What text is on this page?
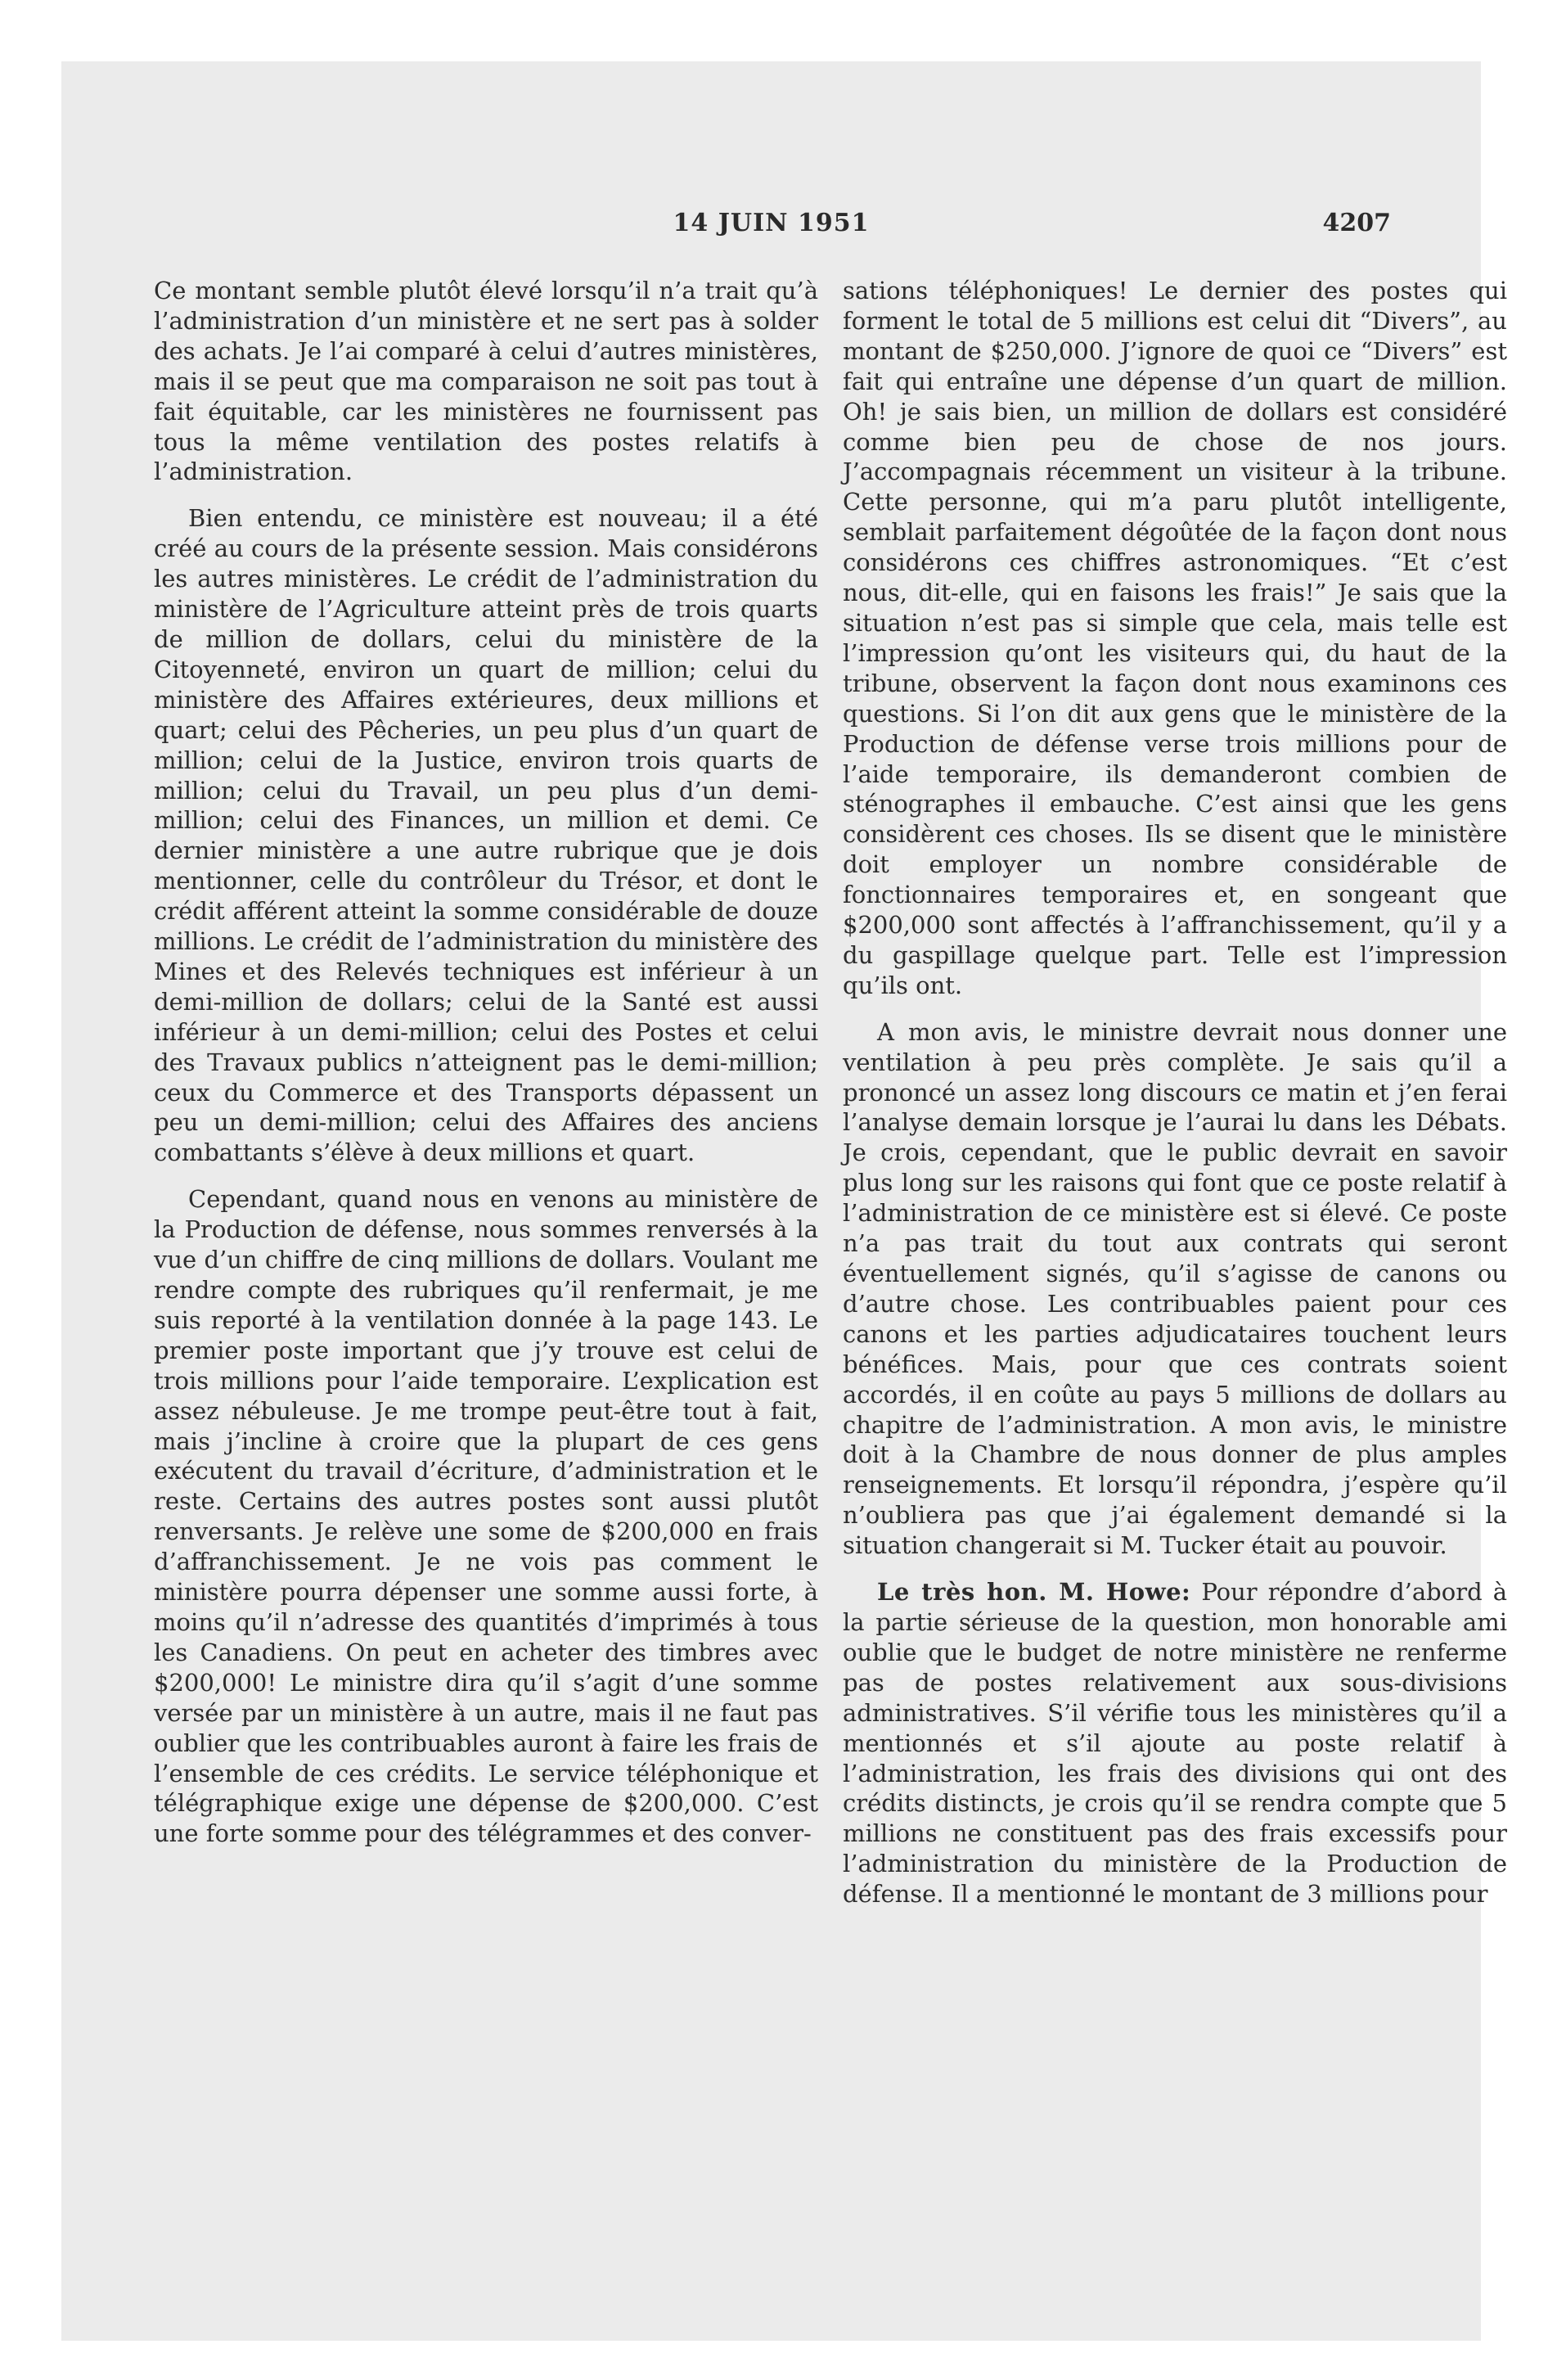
14 JUIN 1951	4207

Ce montant semble plutôt élevé lorsqu’il n’a trait qu’à l’administration d’un ministère et ne sert pas à solder des achats. Je l’ai comparé à celui d’autres ministères, mais il se peut que ma comparaison ne soit pas tout à fait équitable, car les ministères ne fournissent pas tous la même ventilation des postes relatifs à l’administration.

Bien entendu, ce ministère est nouveau; il a été créé au cours de la présente session. Mais considérons les autres ministères. Le crédit de l’administration du ministère de l’Agriculture atteint près de trois quarts de million de dollars, celui du ministère de la Citoyenneté, environ un quart de million; celui du ministère des Affaires extérieures, deux millions et quart; celui des Pêcheries, un peu plus d’un quart de million; celui de la Justice, environ trois quarts de million; celui du Travail, un peu plus d’un demi-million; celui des Finances, un million et demi. Ce dernier ministère a une autre rubrique que je dois mentionner, celle du contrôleur du Trésor, et dont le crédit afférent atteint la somme considérable de douze millions. Le crédit de l’administration du ministère des Mines et des Relevés techniques est inférieur à un demi-million de dollars; celui de la Santé est aussi inférieur à un demi-million; celui des Postes et celui des Travaux publics n’atteignent pas le demi-million; ceux du Commerce et des Transports dépassent un peu un demi-million; celui des Affaires des anciens combattants s’élève à deux millions et quart.

Cependant, quand nous en venons au ministère de la Production de défense, nous sommes renversés à la vue d’un chiffre de cinq millions de dollars. Voulant me rendre compte des rubriques qu’il renfermait, je me suis reporté à la ventilation donnée à la page 143. Le premier poste important que j’y trouve est celui de trois millions pour l’aide temporaire. L’explication est assez nébuleuse. Je me trompe peut-être tout à fait, mais j’incline à croire que la plupart de ces gens exécutent du travail d’écriture, d’administration et le reste. Certains des autres postes sont aussi plutôt renversants. Je relève une some de $200,000 en frais d’affranchissement. Je ne vois pas comment le ministère pourra dépenser une somme aussi forte, à moins qu’il n’adresse des quantités d’imprimés à tous les Canadiens. On peut en acheter des timbres avec $200,000! Le ministre dira qu’il s’agit d’une somme versée par un ministère à un autre, mais il ne faut pas oublier que les contribuables auront à faire les frais de l’ensemble de ces crédits. Le service téléphonique et télégraphique exige une dépense de $200,000. C’est une forte somme pour des télégrammes et des conver-

sations téléphoniques! Le dernier des postes qui forment le total de 5 millions est celui dit “Divers”, au montant de $250,000. J’ignore de quoi ce “Divers” est fait qui entraîne une dépense d’un quart de million. Oh! je sais bien, un million de dollars est considéré comme bien peu de chose de nos jours. J’accompagnais récemment un visiteur à la tribune. Cette personne, qui m’a paru plutôt intelligente, semblait parfaitement dégoûtée de la façon dont nous considérons ces chiffres astronomiques. “Et c’est nous, dit-elle, qui en faisons les frais!” Je sais que la situation n’est pas si simple que cela, mais telle est l’impression qu’ont les visiteurs qui, du haut de la tribune, observent la façon dont nous examinons ces questions. Si l’on dit aux gens que le ministère de la Production de défense verse trois millions pour de l’aide temporaire, ils demanderont combien de sténographes il embauche. C’est ainsi que les gens considèrent ces choses. Ils se disent que le ministère doit employer un nombre considérable de fonctionnaires temporaires et, en songeant que $200,000 sont affectés à l’affranchissement, qu’il y a du gaspillage quelque part. Telle est l’impression qu’ils ont.

A mon avis, le ministre devrait nous donner une ventilation à peu près complète. Je sais qu’il a prononcé un assez long discours ce matin et j’en ferai l’analyse demain lorsque je l’aurai lu dans les Débats. Je crois, cependant, que le public devrait en savoir plus long sur les raisons qui font que ce poste relatif à l’administration de ce ministère est si élevé. Ce poste n’a pas trait du tout aux contrats qui seront éventuellement signés, qu’il s’agisse de canons ou d’autre chose. Les contribuables paient pour ces canons et les parties adjudicataires touchent leurs bénéfices. Mais, pour que ces contrats soient accordés, il en coûte au pays 5 millions de dollars au chapitre de l’administration. A mon avis, le ministre doit à la Chambre de nous donner de plus amples renseignements. Et lorsqu’il répondra, j’espère qu’il n’oubliera pas que j’ai également demandé si la situation changerait si M. Tucker était au pouvoir.

Le très hon. M. Howe: Pour répondre d’abord à la partie sérieuse de la question, mon honorable ami oublie que le budget de notre ministère ne renferme pas de postes relativement aux sous-divisions administratives. S’il vérifie tous les ministères qu’il a mentionnés et s’il ajoute au poste relatif à l’administration, les frais des divisions qui ont des crédits distincts, je crois qu’il se rendra compte que 5 millions ne constituent pas des frais excessifs pour l’administration du ministère de la Production de défense. Il a mentionné le montant de 3 millions pour
